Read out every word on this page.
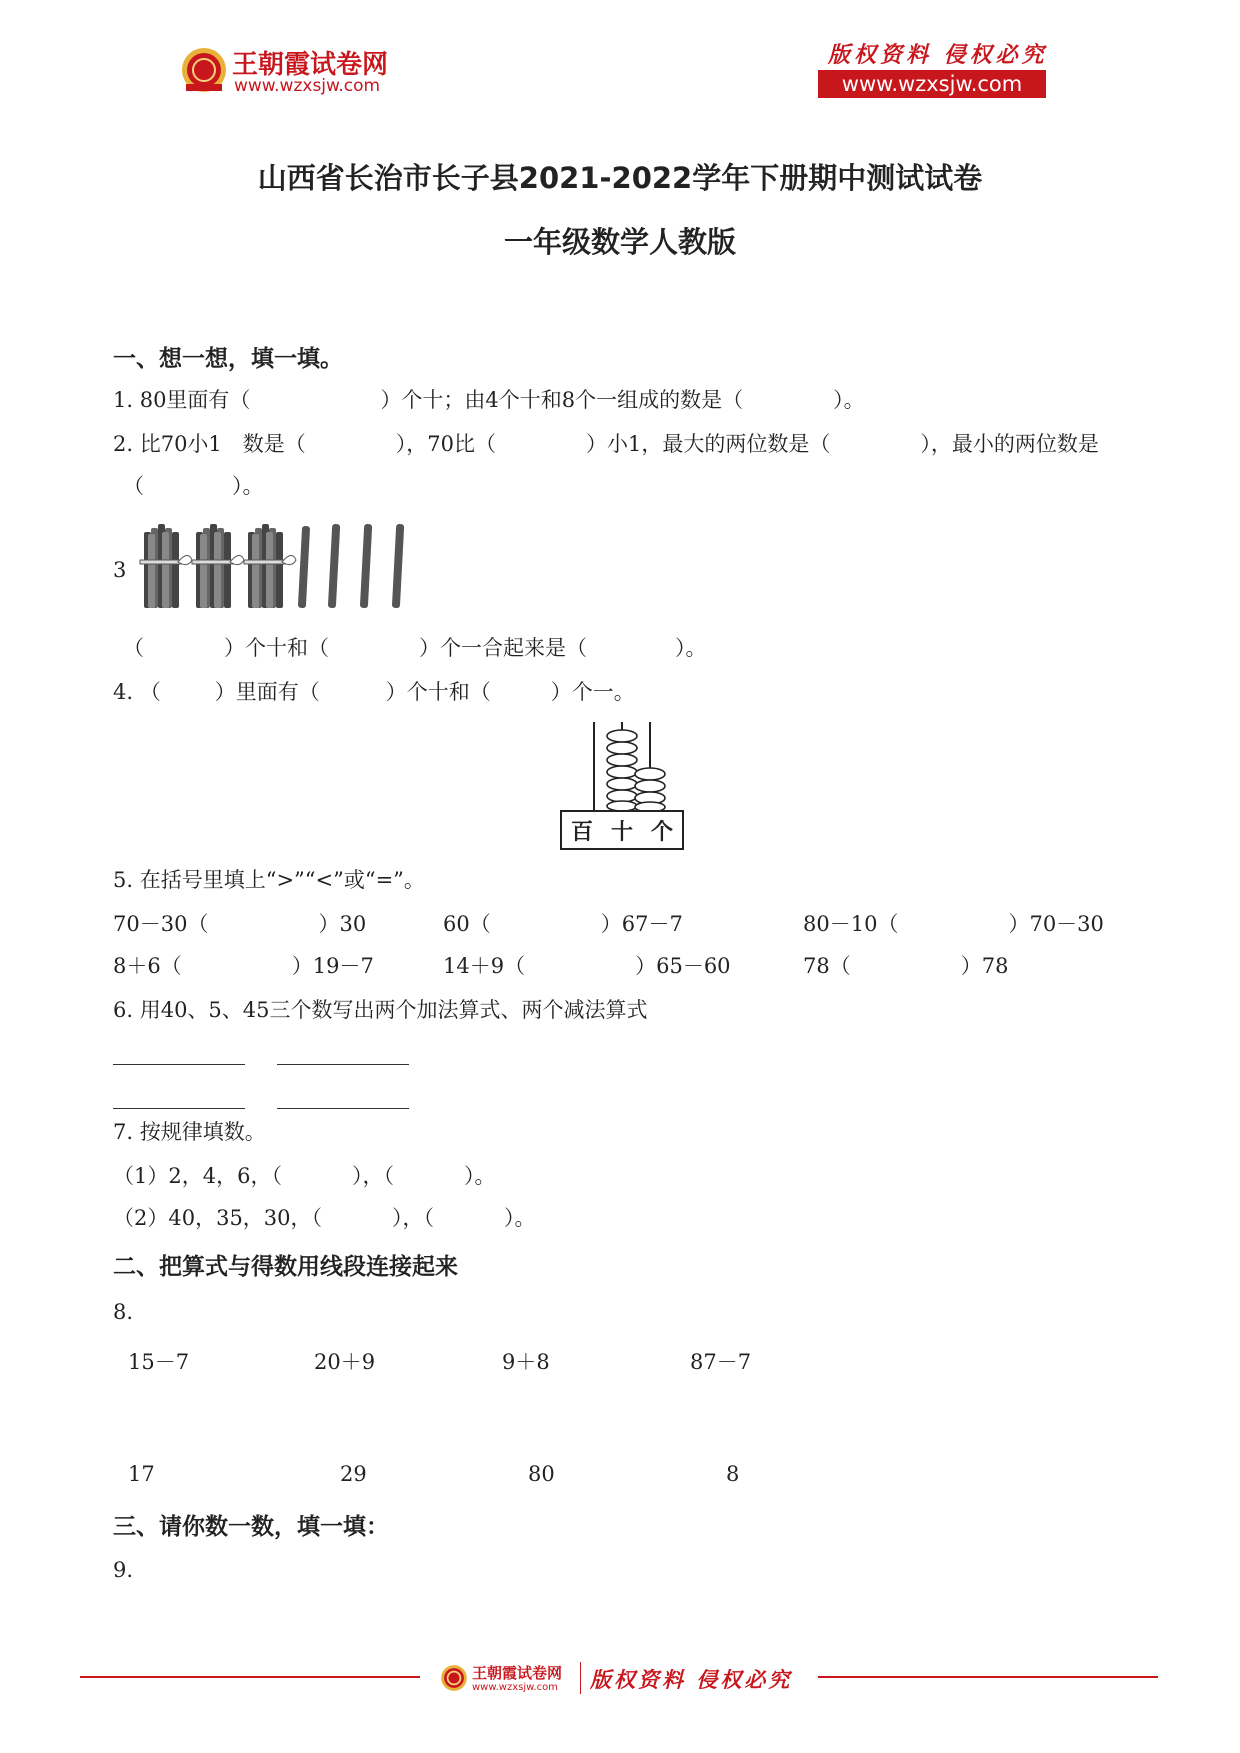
王朝霞试卷网
www.wzxsjw.com
版权资料 侵权必究
www.wzxsjw.com
山西省长治市长子县2021-2022学年下册期中测试试卷
一年级数学人教版
一、想一想，填一填。
1. 80里面有（	）个十；由4个十和8个一组成的数是（	）。
2. 比70小1　数是（	），70比（	）小1，最大的两位数是（	），最小的两位数是
（	）。
3
（	）个十和（	）个一合起来是（	）。
4. （	）里面有（	）个十和（	）个一。
百 十 个
5. 在括号里填上“>”“<”或“=”。
70－30（	）30	60（	）67－7	80－10（	）70－30
8＋6（	）19－7	14＋9（	）65－60	78（	）78
6. 用40、5、45三个数写出两个加法算式、两个减法算式
7. 按规律填数。
（1）2，4，6，（	），（	）。
（2）40，35，30，（	），（	）。
二、把算式与得数用线段连接起来
8.
15－7	20＋9	9＋8	87－7
17	29	80	8
三、请你数一数，填一填：
9.
王朝霞试卷网
www.wzxsjw.com 版权资料 侵权必究
